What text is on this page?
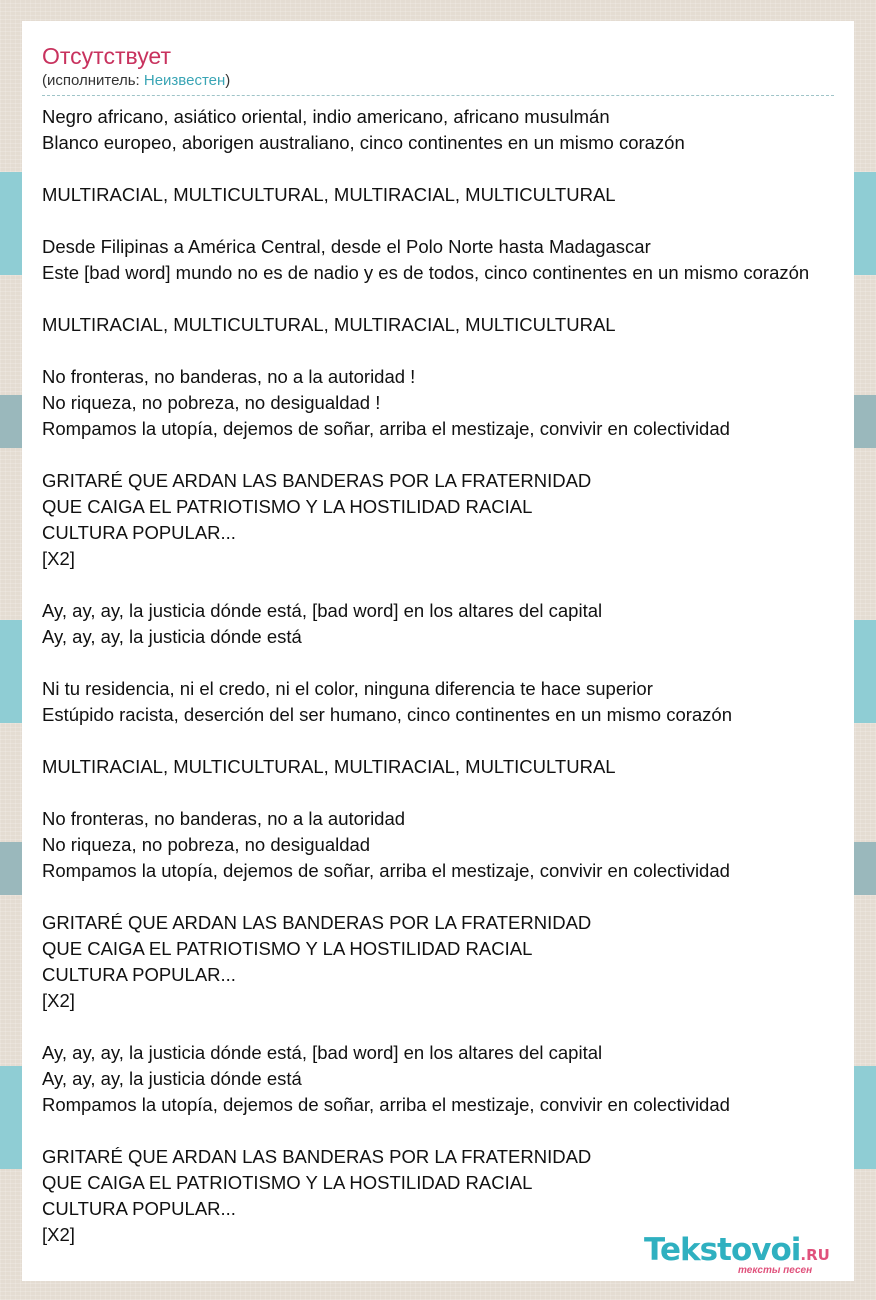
Отсутствует
(исполнитель: Неизвестен)
Negro africano, asiático oriental, indio americano, africano musulmán
Blanco europeo, aborigen australiano, cinco continentes en un mismo corazón
MULTIRACIAL, MULTICULTURAL, MULTIRACIAL, MULTICULTURAL
Desde Filipinas a América Central, desde el Polo Norte hasta Madagascar
Este [bad word] mundo no es de nadio y es de todos, cinco continentes en un mismo corazón
MULTIRACIAL, MULTICULTURAL, MULTIRACIAL, MULTICULTURAL
No fronteras, no banderas, no a la autoridad !
No riqueza, no pobreza, no desigualdad !
Rompamos la utopía, dejemos de soñar, arriba el mestizaje, convivir en colectividad
GRITARÉ QUE ARDAN LAS BANDERAS POR LA FRATERNIDAD
QUE CAIGA EL PATRIOTISMO Y LA HOSTILIDAD RACIAL
CULTURA POPULAR...
[X2]
Ay, ay, ay, la justicia dónde está, [bad word] en los altares del capital
Ay, ay, ay, la justicia dónde está
Ni tu residencia, ni el credo, ni el color, ninguna diferencia te hace superior
Estúpido racista, deserción del ser humano, cinco continentes en un mismo corazón
MULTIRACIAL, MULTICULTURAL, MULTIRACIAL, MULTICULTURAL
No fronteras, no banderas, no a la autoridad
No riqueza, no pobreza, no desigualdad
Rompamos la utopía, dejemos de soñar, arriba el mestizaje, convivir en colectividad
GRITARÉ QUE ARDAN LAS BANDERAS POR LA FRATERNIDAD
QUE CAIGA EL PATRIOTISMO Y LA HOSTILIDAD RACIAL
CULTURA POPULAR...
[X2]
Ay, ay, ay, la justicia dónde está, [bad word] en los altares del capital
Ay, ay, ay, la justicia dónde está
Rompamos la utopía, dejemos de soñar, arriba el mestizaje, convivir en colectividad
GRITARÉ QUE ARDAN LAS BANDERAS POR LA FRATERNIDAD
QUE CAIGA EL PATRIOTISMO Y LA HOSTILIDAD RACIAL
CULTURA POPULAR...
[X2]	Tekstovoi.RU
тексты песен
